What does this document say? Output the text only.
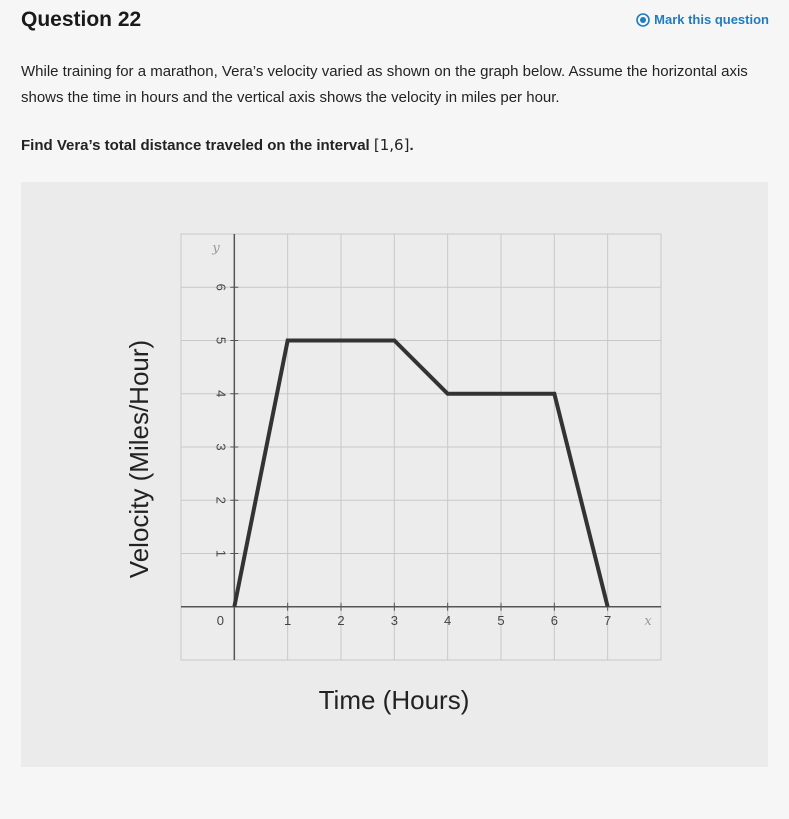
Question 22	Mark this question

While training for a marathon, Vera’s velocity varied as shown on the graph below. Assume the horizontal axis shows the time in hours and the vertical axis shows the velocity in miles per hour.

Find Vera’s total distance traveled on the interval [1,6].

0	1	2	3	4	5	6	7
1
2
3
4
5
6
Velocity (Miles/Hour)
Time (Hours)
x
y
